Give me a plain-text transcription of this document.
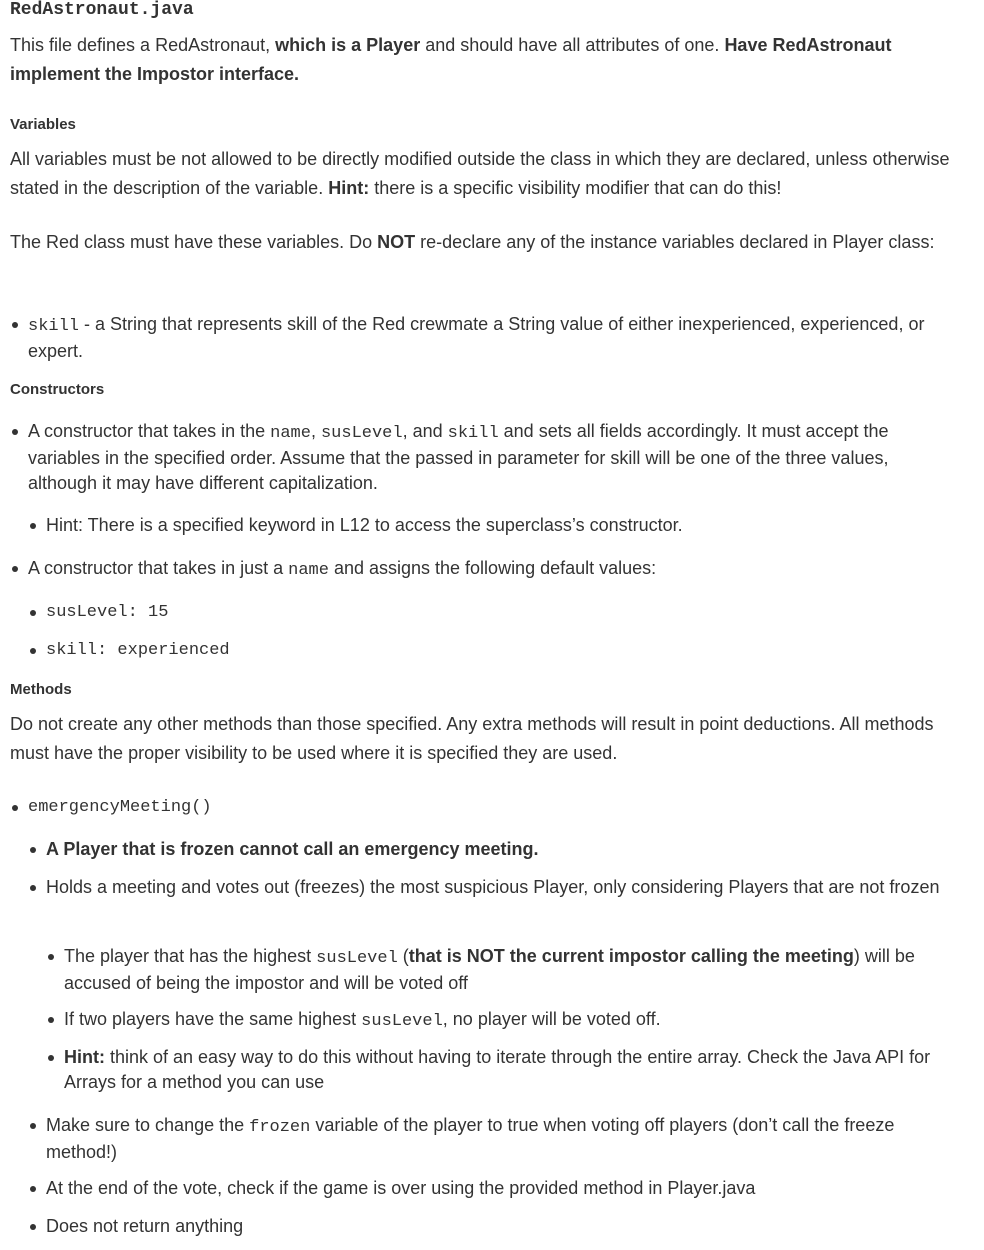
RedAstronaut.java

This file defines a RedAstronaut, which is a Player and should have all attributes of one. Have RedAstronaut implement the Impostor interface.

Variables

All variables must be not allowed to be directly modified outside the class in which they are declared, unless otherwise stated in the description of the variable. Hint: there is a specific visibility modifier that can do this!

The Red class must have these variables. Do NOT re-declare any of the instance variables declared in Player class:

skill - a String that represents skill of the Red crewmate a String value of either inexperienced, experienced, or expert.
Constructors
A constructor that takes in the name, susLevel, and skill and sets all fields accordingly. It must accept the variables in the specified order. Assume that the passed in parameter for skill will be one of the three values, although it may have different capitalization.
Hint: There is a specified keyword in L12 to access the superclass’s constructor.
A constructor that takes in just a name and assigns the following default values:
susLevel: 15
skill: experienced
Methods

Do not create any other methods than those specified. Any extra methods will result in point deductions. All methods must have the proper visibility to be used where it is specified they are used.

emergencyMeeting()
A Player that is frozen cannot call an emergency meeting.
Holds a meeting and votes out (freezes) the most suspicious Player, only considering Players that are not frozen
The player that has the highest susLevel (that is NOT the current impostor calling the meeting) will be accused of being the impostor and will be voted off
If two players have the same highest susLevel, no player will be voted off.
Hint: think of an easy way to do this without having to iterate through the entire array. Check the Java API for Arrays for a method you can use
Make sure to change the frozen variable of the player to true when voting off players (don’t call the freeze method!)
At the end of the vote, check if the game is over using the provided method in Player.java
Does not return anything
